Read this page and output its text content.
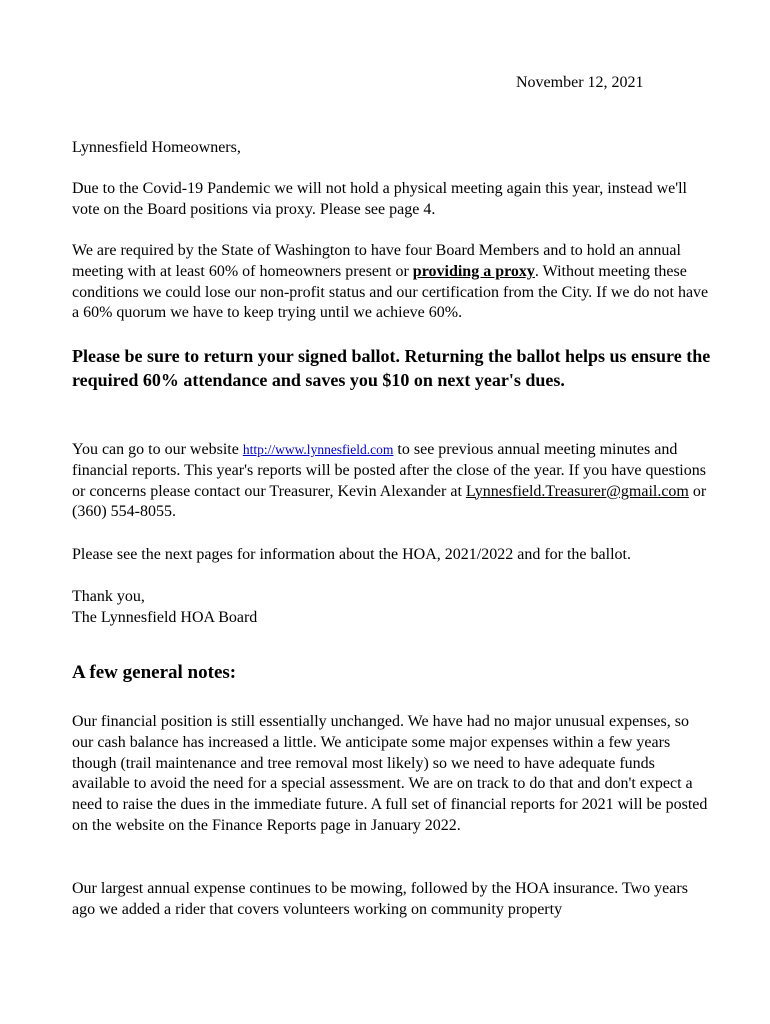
November 12, 2021

Lynnesfield Homeowners,

Due to the Covid-19 Pandemic we will not hold a physical meeting again this year, instead we'll vote on the Board positions via proxy. Please see page 4.

We are required by the State of Washington to have four Board Members and to hold an annual meeting with at least 60% of homeowners present or providing a proxy. Without meeting these conditions we could lose our non-profit status and our certification from the City. If we do not have a 60% quorum we have to keep trying until we achieve 60%.

Please be sure to return your signed ballot. Returning the ballot helps us ensure the required 60% attendance and saves you $10 on next year's dues.

You can go to our website http://www.lynnesfield.com to see previous annual meeting minutes and financial reports. This year's reports will be posted after the close of the year. If you have questions or concerns please contact our Treasurer, Kevin Alexander at Lynnesfield.Treasurer@gmail.com or (360) 554-8055.

Please see the next pages for information about the HOA, 2021/2022 and for the ballot.

Thank you,
The Lynnesfield HOA Board
A few general notes:

Our financial position is still essentially unchanged. We have had no major unusual expenses, so our cash balance has increased a little. We anticipate some major expenses within a few years though (trail maintenance and tree removal most likely) so we need to have adequate funds available to avoid the need for a special assessment. We are on track to do that and don't expect a need to raise the dues in the immediate future. A full set of financial reports for 2021 will be posted on the website on the Finance Reports page in January 2022.

Our largest annual expense continues to be mowing, followed by the HOA insurance. Two years ago we added a rider that covers volunteers working on community property
